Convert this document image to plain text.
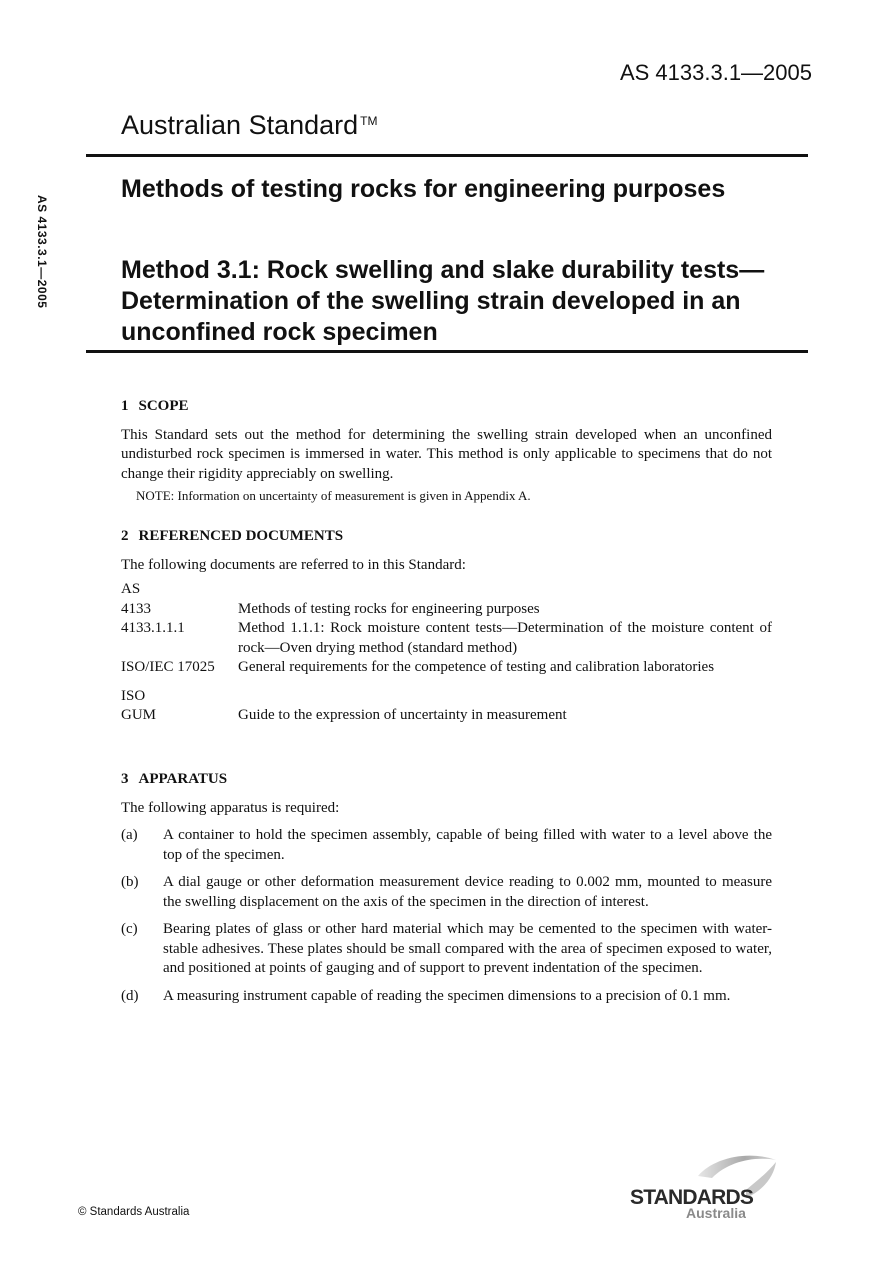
AS 4133.3.1—2005
Australian Standard ™
AS 4133.3.1—2005
Methods of testing rocks for engineering purposes
Method 3.1: Rock swelling and slake durability tests—Determination of the swelling strain developed in an unconfined rock specimen
1 SCOPE
This Standard sets out the method for determining the swelling strain developed when an unconfined undisturbed rock specimen is immersed in water. This method is only applicable to specimens that do not change their rigidity appreciably on swelling.
NOTE: Information on uncertainty of measurement is given in Appendix A.
2 REFERENCED DOCUMENTS
The following documents are referred to in this Standard:
AS
4133	Methods of testing rocks for engineering purposes
4133.1.1.1	Method 1.1.1: Rock moisture content tests—Determination of the moisture content of rock—Oven drying method (standard method)
ISO/IEC 17025	General requirements for the competence of testing and calibration laboratories
ISO
GUM	Guide to the expression of uncertainty in measurement
3 APPARATUS
The following apparatus is required:
(a)	A container to hold the specimen assembly, capable of being filled with water to a level above the top of the specimen.
(b)	A dial gauge or other deformation measurement device reading to 0.002 mm, mounted to measure the swelling displacement on the axis of the specimen in the direction of interest.
(c)	Bearing plates of glass or other hard material which may be cemented to the specimen with water-stable adhesives. These plates should be small compared with the area of specimen exposed to water, and positioned at points of gauging and of support to prevent indentation of the specimen.
(d)	A measuring instrument capable of reading the specimen dimensions to a precision of 0.1 mm.
© Standards Australia
STANDARDS
Australia
